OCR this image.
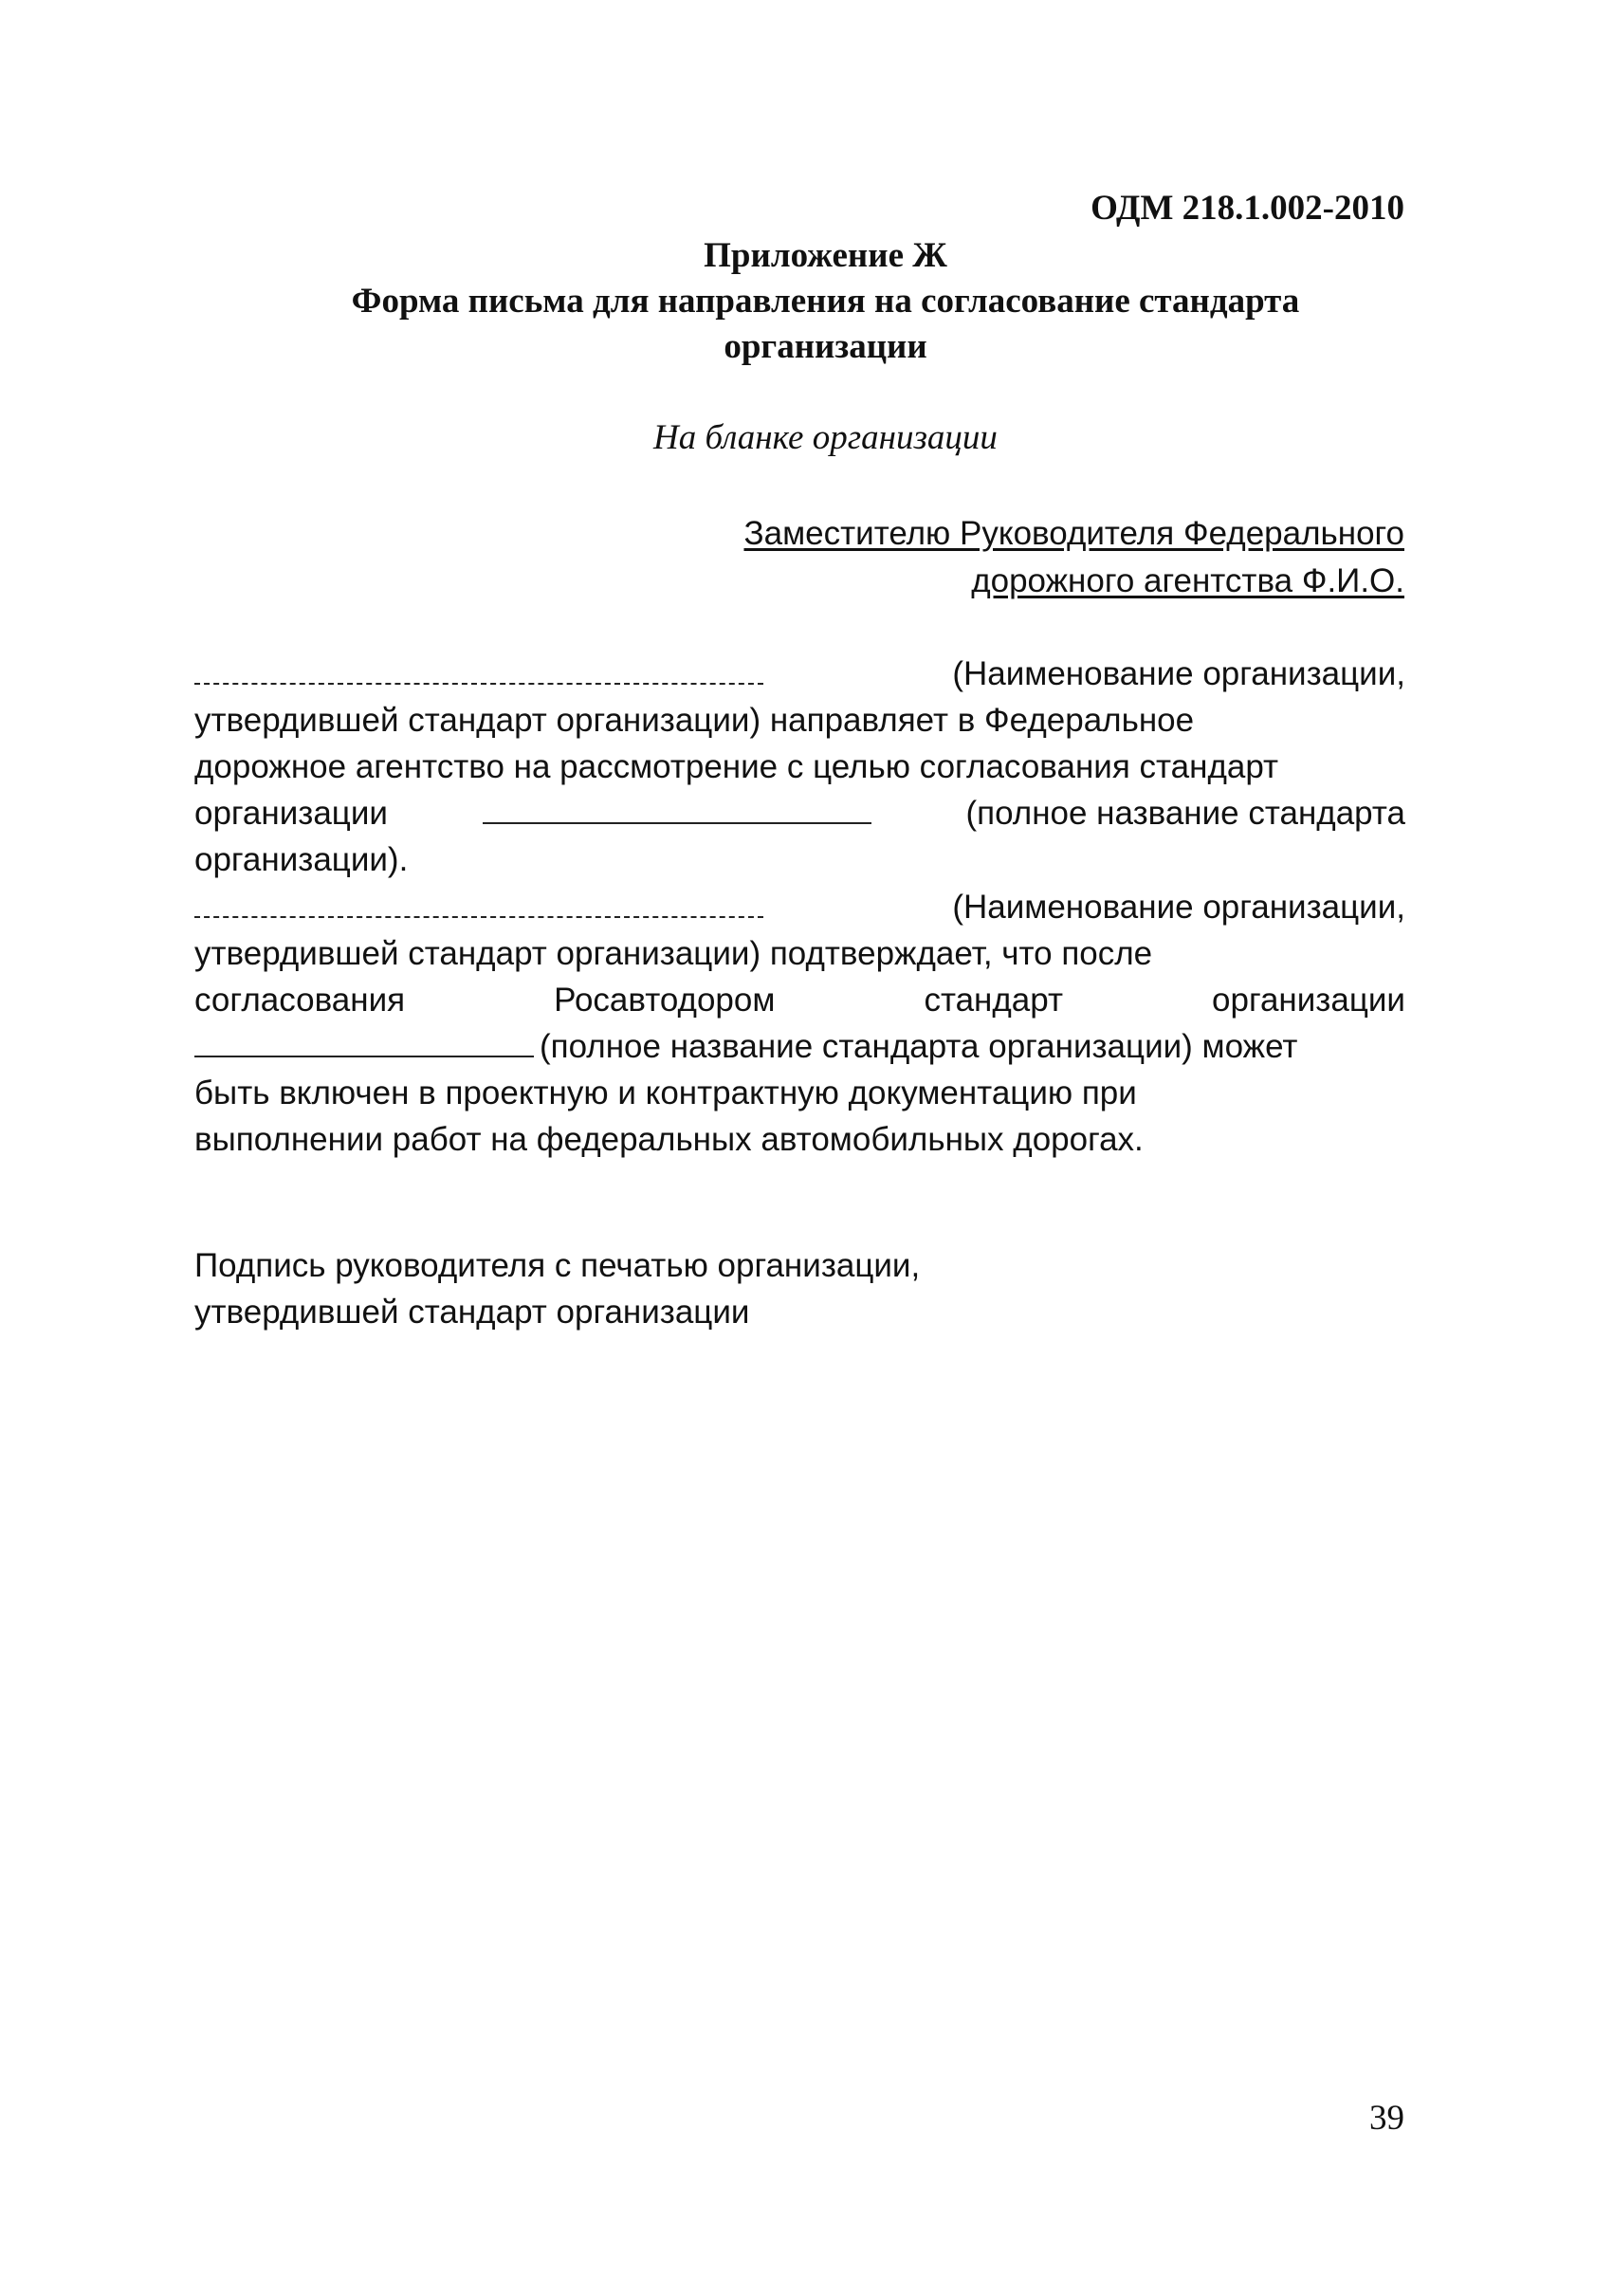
ОДМ 218.1.002-2010
Приложение Ж
Форма письма для направления на согласование стандарта
организации
На бланке организации
Заместителю Руководителя Федерального
дорожного агентства Ф.И.О.
(Наименование организации,
утвердившей стандарт организации) направляет в Федеральное
дорожное агентство на рассмотрение с целью согласования стандарт
организации	(полное название стандарта
организации).
(Наименование организации,
утвердившей стандарт организации) подтверждает, что после
согласования	Росавтодором	стандарт	организации
(полное название стандарта организации) может
быть включен в проектную и контрактную документацию при
выполнении работ на федеральных автомобильных дорогах.
Подпись руководителя с печатью организации,
утвердившей стандарт организации
39
